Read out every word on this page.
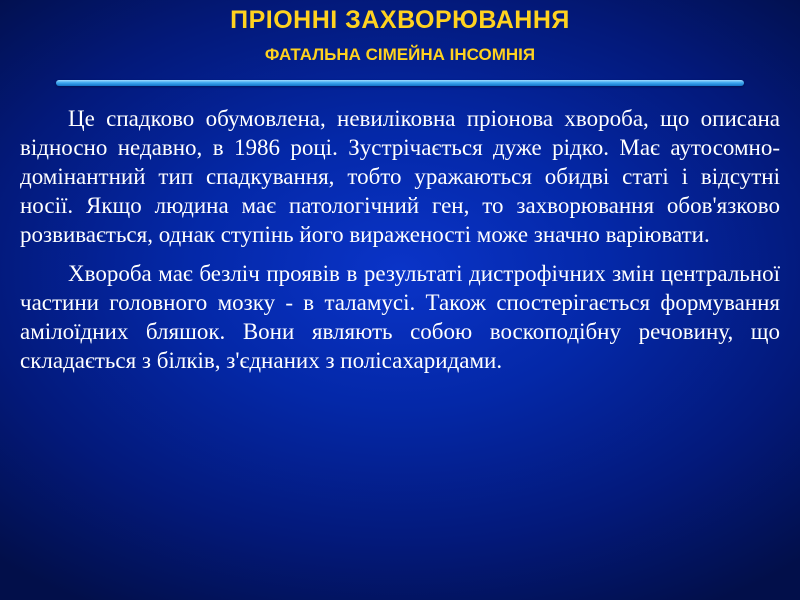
ПРІОННІ ЗАХВОРЮВАННЯ
ФАТАЛЬНА СІМЕЙНА ІНСОМНІЯ

Це спадково обумовлена, невиліковна пріонова хвороба, що описана відносно недавно, в 1986 році. Зустрічається дуже рідко. Має аутосомно-домінантний тип спадкування, тобто уражаються обидві статі і відсутні носії. Якщо людина має патологічний ген, то захворювання обов'язково розвивається, однак ступінь його вираженості може значно варіювати.

Хвороба має безліч проявів в результаті дистрофічних змін центральної частини головного мозку - в таламусі. Також спостерігається формування амілоїдних бляшок. Вони являють собою воскоподібну речовину, що складається з білків, з'єднаних з полісахаридами.
